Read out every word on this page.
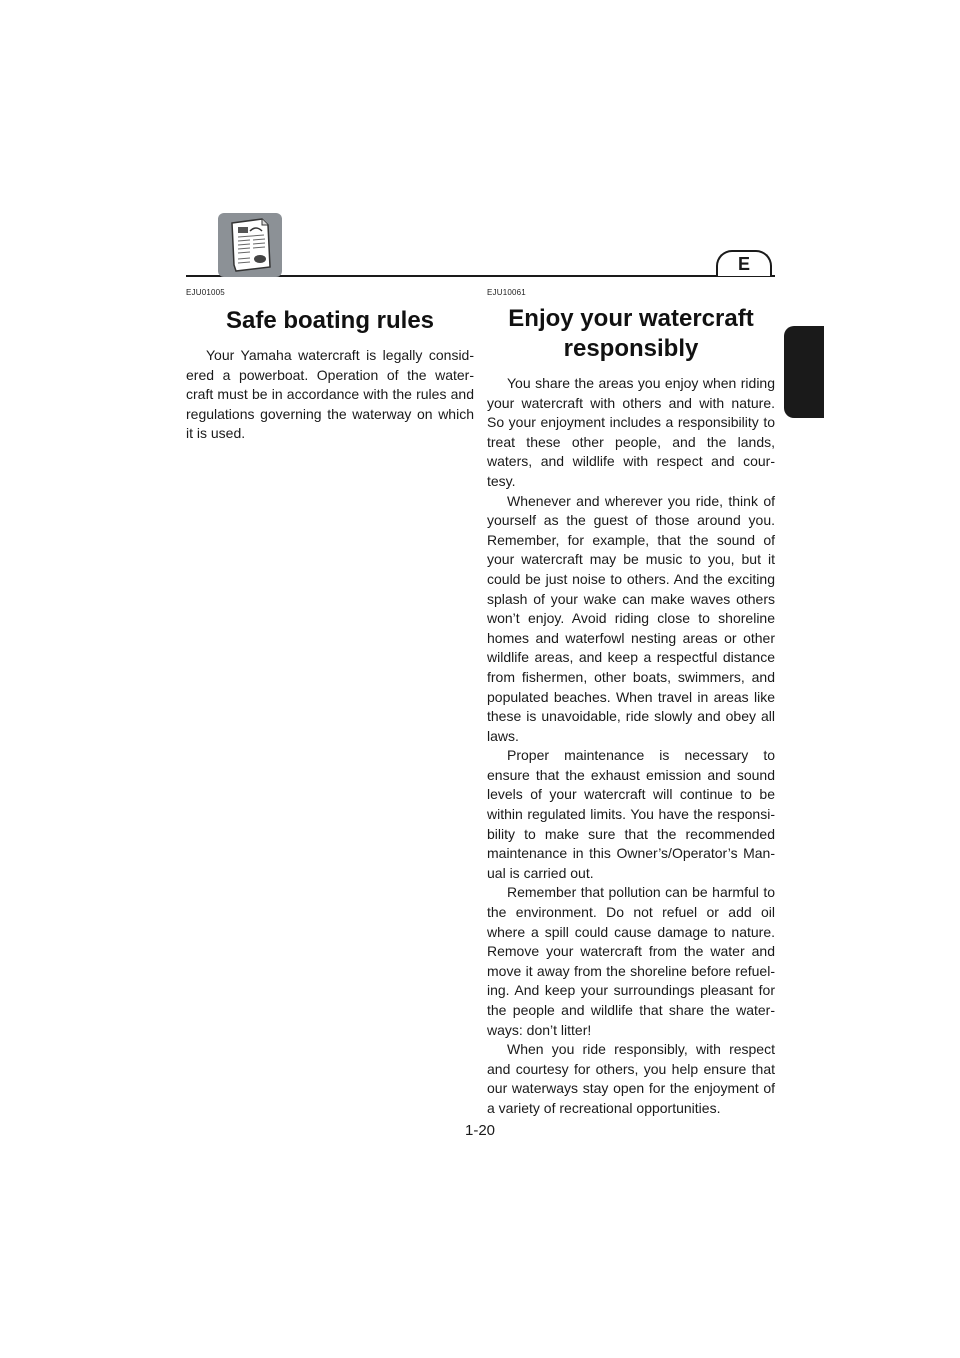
E
EJU01005
Safe boating rules

Your Yamaha watercraft is legally consid- ered a powerboat. Operation of the water- craft must be in accordance with the rules and regulations governing the waterway on which it is used.

EJU10061
Enjoy your watercraft responsibly

You share the areas you enjoy when riding your watercraft with others and with nature. So your enjoyment includes a responsibility to treat these other people, and the lands, waters, and wildlife with respect and cour- tesy.

Whenever and wherever you ride, think of yourself as the guest of those around you. Remember, for example, that the sound of your watercraft may be music to you, but it could be just noise to others. And the exciting splash of your wake can make waves others won’t enjoy. Avoid riding close to shoreline homes and waterfowl nesting areas or other wildlife areas, and keep a respectful distance from fishermen, other boats, swimmers, and populated beaches. When travel in areas like these is unavoidable, ride slowly and obey all laws.

Proper maintenance is necessary to ensure that the exhaust emission and sound levels of your watercraft will continue to be within regulated limits. You have the responsi- bility to make sure that the recommended maintenance in this Owner’s/Operator’s Man- ual is carried out.

Remember that pollution can be harmful to the environment. Do not refuel or add oil where a spill could cause damage to nature. Remove your watercraft from the water and move it away from the shoreline before refuel- ing. And keep your surroundings pleasant for the people and wildlife that share the water- ways: don’t litter!

When you ride responsibly, with respect and courtesy for others, you help ensure that our waterways stay open for the enjoyment of a variety of recreational opportunities.

1-20
